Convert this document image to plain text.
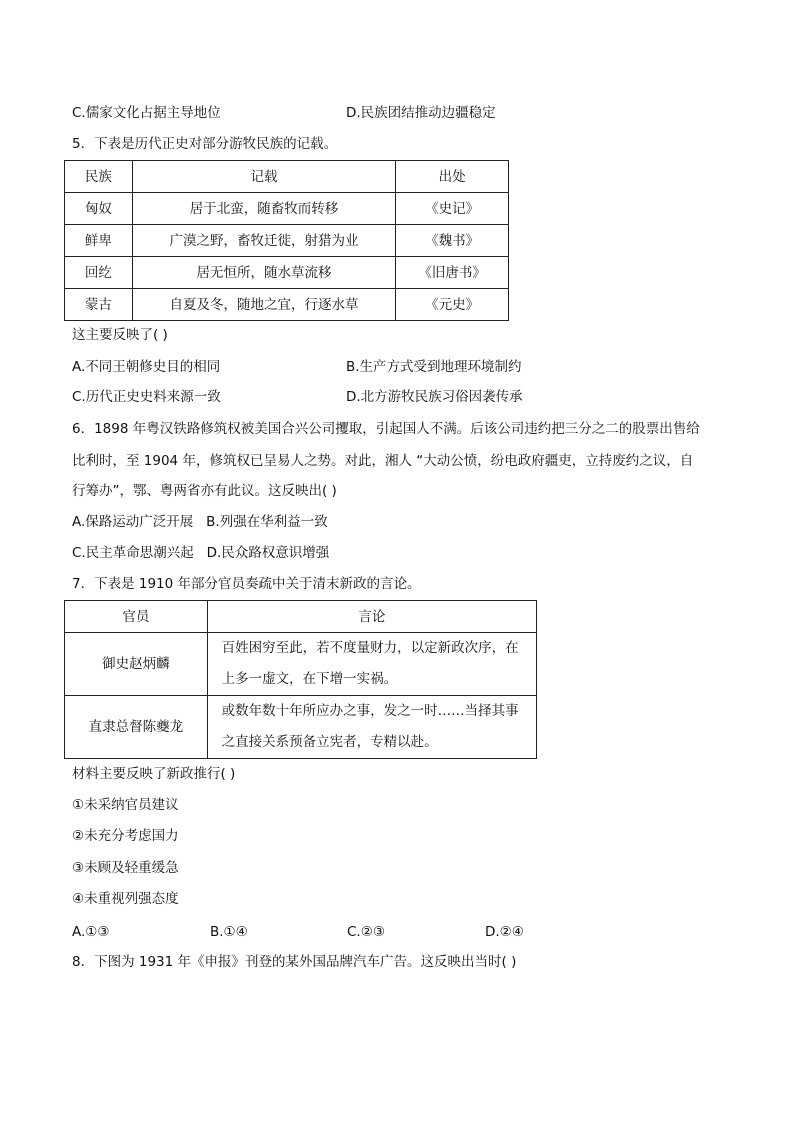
C.儒家文化占据主导地位	D.民族团结推动边疆稳定
5．下表是历代正史对部分游牧民族的记载。
民族	记载	出处
匈奴	居于北蛮，随畜牧而转移	《史记》
鲜卑	广漠之野，畜牧迁徙，射猎为业	《魏书》
回纥	居无恒所，随水草流移	《旧唐书》
蒙古	自夏及冬，随地之宜，行逐水草	《元史》
这主要反映了( )
A.不同王朝修史目的相同	B.生产方式受到地理环境制约
C.历代正史史料来源一致	D.北方游牧民族习俗因袭传承
6．1898 年粤汉铁路修筑权被美国合兴公司攫取，引起国人不满。后该公司违约把三分之二的股票出售给
比利时，至 1904 年，修筑权已呈易人之势。对此，湘人 “大动公愤，纷电政府疆吏，立持废约之议，自
行筹办”，鄂、粤两省亦有此议。这反映出( )
A.保路运动广泛开展   B.列强在华利益一致
C.民主革命思潮兴起   D.民众路权意识增强
7．下表是 1910 年部分官员奏疏中关于清末新政的言论。
官员	言论
御史赵炳麟	百姓困穷至此，若不度量财力，以定新政次序，在
上多一虚文，在下增一实祸。

直隶总督陈夔龙	或数年数十年所应办之事，发之一时……当择其事
之直接关系预备立宪者，专精以赴。
材料主要反映了新政推行( )
①未采纳官员建议
②未充分考虑国力
③未顾及轻重缓急
④未重视列强态度
A.①③	B.①④	C.②③	D.②④
8．下图为 1931 年《申报》刊登的某外国品牌汽车广告。这反映出当时( )
